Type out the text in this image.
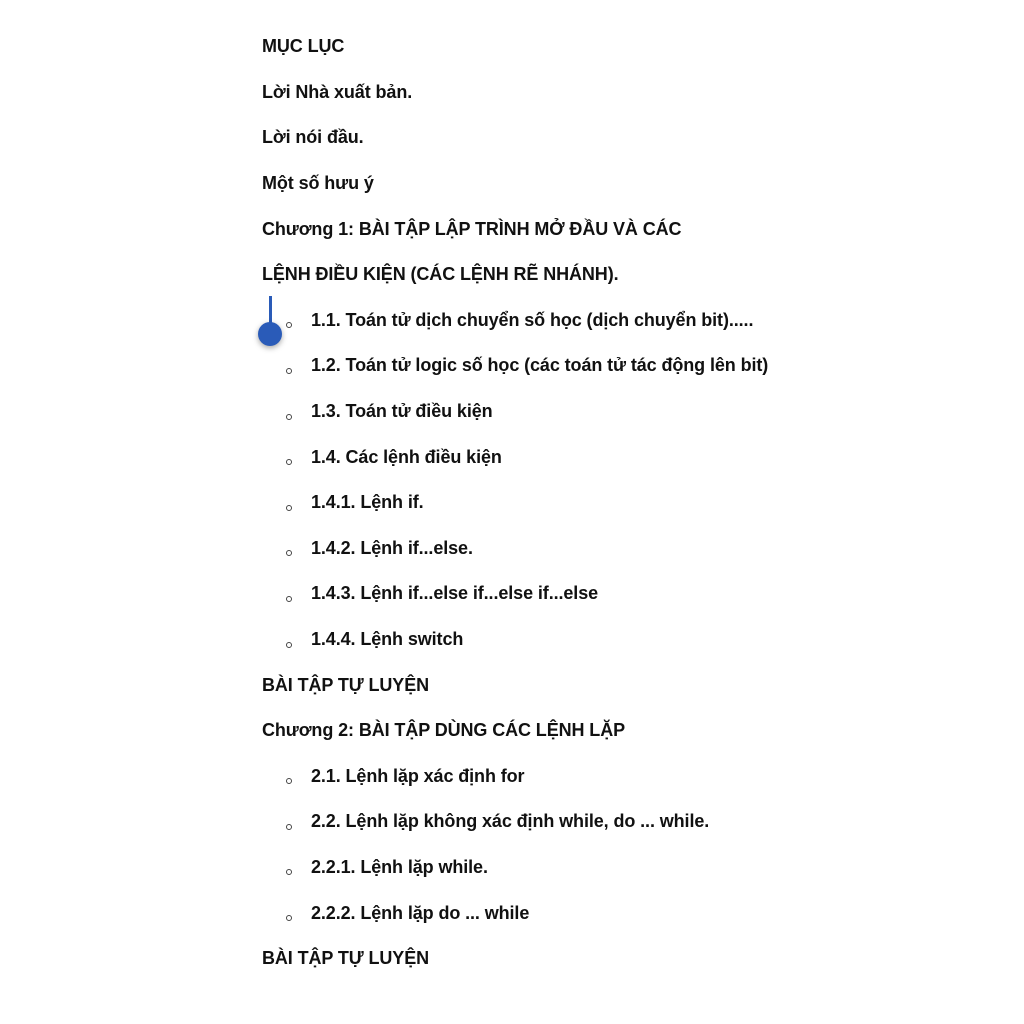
MỤC LỤC
Lời Nhà xuất bản.
Lời nói đầu.
Một số hưu ý
Chương 1: BÀI TẬP LẬP TRÌNH MỞ ĐẦU VÀ CÁC
LỆNH ĐIỀU KIỆN (CÁC LỆNH RẼ NHÁNH).
1.1. Toán tử dịch chuyển số học (dịch chuyển bit).....
1.2. Toán tử logic số học (các toán tử tác động lên bit)
1.3. Toán tử điều kiện
1.4. Các lệnh điều kiện
1.4.1. Lệnh if.
1.4.2. Lệnh if...else.
1.4.3. Lệnh if...else if...else if...else
1.4.4. Lệnh switch
BÀI TẬP TỰ LUYỆN
Chương 2: BÀI TẬP DÙNG CÁC LỆNH LẶP
2.1. Lệnh lặp xác định for
2.2. Lệnh lặp không xác định while, do ... while.
2.2.1. Lệnh lặp while.
2.2.2. Lệnh lặp do ... while
BÀI TẬP TỰ LUYỆN
